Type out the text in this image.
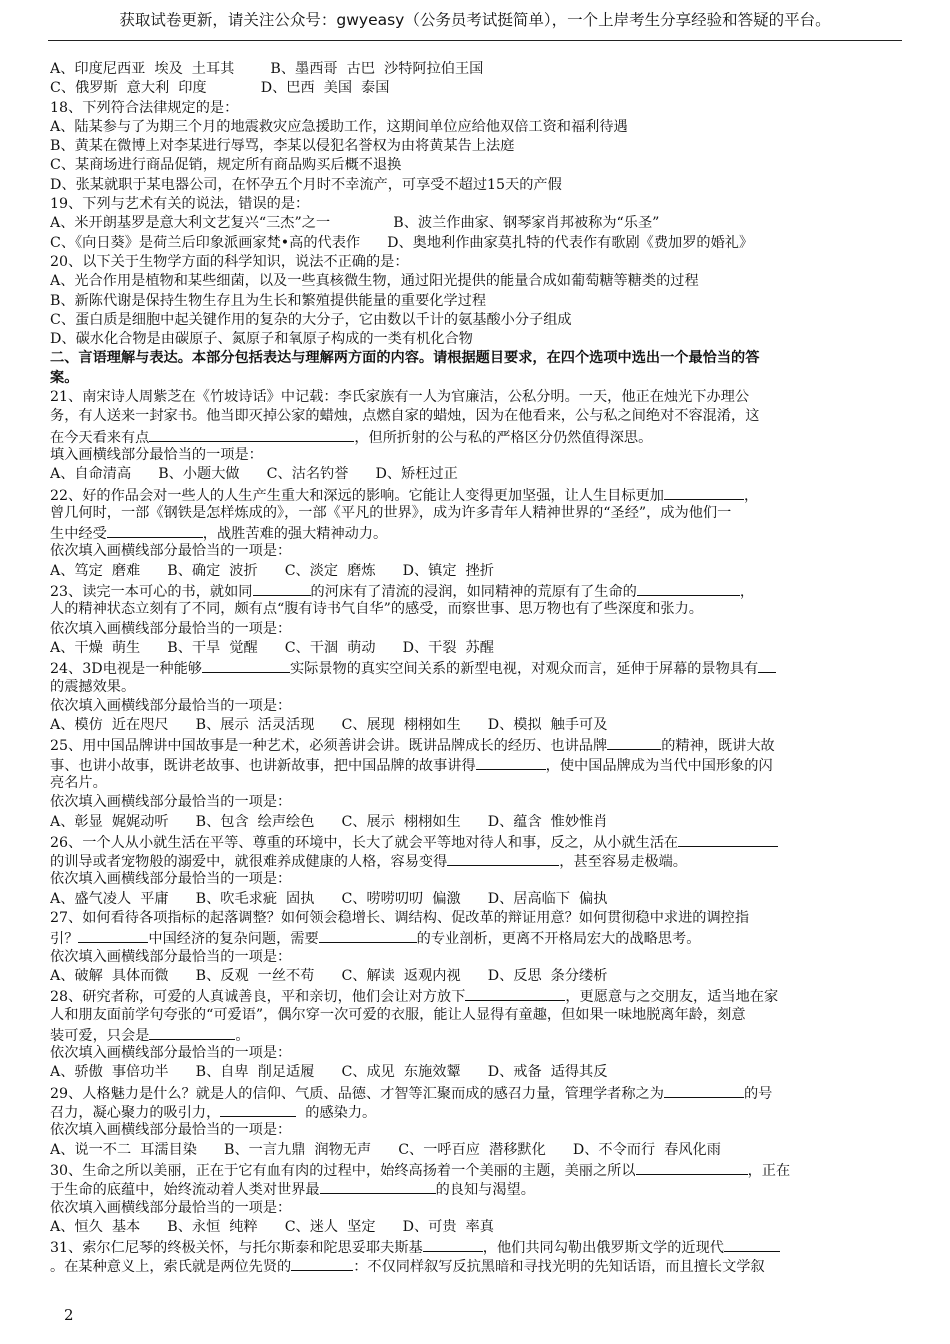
获取试卷更新，请关注公众号：gwyeasy（公务员考试挺简单），一个上岸考生分享经验和答疑的平台。
A、印度尼西亚  埃及  土耳其        B、墨西哥  古巴  沙特阿拉伯王国
C、俄罗斯  意大利  印度            D、巴西  美国  泰国
18、下列符合法律规定的是：
A、陆某参与了为期三个月的地震救灾应急援助工作，这期间单位应给他双倍工资和福利待遇
B、黄某在微博上对李某进行辱骂，李某以侵犯名誉权为由将黄某告上法庭
C、某商场进行商品促销，规定所有商品购买后概不退换
D、张某就职于某电器公司，在怀孕五个月时不幸流产，可享受不超过15天的产假
19、下列与艺术有关的说法，错误的是：
A、米开朗基罗是意大利文艺复兴“三杰”之一              B、波兰作曲家、钢琴家肖邦被称为“乐圣”
C、《向日葵》是荷兰后印象派画家梵•高的代表作      D、奥地利作曲家莫扎特的代表作有歌剧《费加罗的婚礼》
20、以下关于生物学方面的科学知识，说法不正确的是：
A、光合作用是植物和某些细菌，以及一些真核微生物，通过阳光提供的能量合成如葡萄糖等糖类的过程
B、新陈代谢是保持生物生存且为生长和繁殖提供能量的重要化学过程
C、蛋白质是细胞中起关键作用的复杂的大分子，它由数以千计的氨基酸小分子组成
D、碳水化合物是由碳原子、氮原子和氧原子构成的一类有机化合物
二、言语理解与表达。本部分包括表达与理解两方面的内容。请根据题目要求，在四个选项中选出一个最恰当的答
案。
21、南宋诗人周紫芝在《竹坡诗话》中记载：李氏家族有一人为官廉洁，公私分明。一天，他正在烛光下办理公
务，有人送来一封家书。他当即灭掉公家的蜡烛，点燃自家的蜡烛，因为在他看来，公与私之间绝对不容混淆，这
在今天看来有点	，但所折射的公与私的严格区分仍然值得深思。
填入画横线部分最恰当的一项是：
A、自命清高      B、小题大做      C、沽名钓誉      D、矫枉过正
22、好的作品会对一些人的人生产生重大和深远的影响。它能让人变得更加坚强，让人生目标更加	，
曾几何时，一部《钢铁是怎样炼成的》，一部《平凡的世界》，成为许多青年人精神世界的“圣经”，成为他们一
生中经受	，战胜苦难的强大精神动力。
依次填入画横线部分最恰当的一项是：
A、笃定  磨难      B、确定  波折      C、淡定  磨炼      D、镇定  挫折
23、读完一本可心的书，就如同	的河床有了清流的浸润，如同精神的荒原有了生命的	，
人的精神状态立刻有了不同，颇有点“腹有诗书气自华”的感受，而察世事、思万物也有了些深度和张力。
依次填入画横线部分最恰当的一项是：
A、干燥  萌生      B、干旱  觉醒      C、干涸  萌动      D、干裂  苏醒
24、3D电视是一种能够	实际景物的真实空间关系的新型电视，对观众而言，延伸于屏幕的景物具有
的震撼效果。
依次填入画横线部分最恰当的一项是：
A、模仿  近在咫尺      B、展示  活灵活现      C、展现  栩栩如生      D、模拟  触手可及
25、用中国品牌讲中国故事是一种艺术，必须善讲会讲。既讲品牌成长的经历、也讲品牌	的精神，既讲大故
事、也讲小故事，既讲老故事、也讲新故事，把中国品牌的故事讲得	，使中国品牌成为当代中国形象的闪
亮名片。
依次填入画横线部分最恰当的一项是：
A、彰显  娓娓动听      B、包含  绘声绘色      C、展示  栩栩如生      D、蕴含  惟妙惟肖
26、一个人从小就生活在平等、尊重的环境中，长大了就会平等地对待人和事，反之，从小就生活在
的训导或者宠物般的溺爱中，就很难养成健康的人格，容易变得	，甚至容易走极端。
依次填入画横线部分最恰当的一项是：
A、盛气凌人  平庸      B、吹毛求疵  固执      C、唠唠叨叨  偏激      D、居高临下  偏执
27、如何看待各项指标的起落调整？如何领会稳增长、调结构、促改革的辩证用意？如何贯彻稳中求进的调控指
引？	中国经济的复杂问题，需要	的专业剖析，更离不开格局宏大的战略思考。
依次填入画横线部分最恰当的一项是：
A、破解  具体而微      B、反观  一丝不苟      C、解读  返观内视      D、反思  条分缕析
28、研究者称，可爱的人真诚善良，平和亲切，他们会让对方放下	，更愿意与之交朋友，适当地在家
人和朋友面前学句夸张的“可爱语”，偶尔穿一次可爱的衣服，能让人显得有童趣，但如果一味地脱离年龄，刻意
装可爱，只会是	。
依次填入画横线部分最恰当的一项是：
A、骄傲  事倍功半      B、自卑  削足适履      C、成见  东施效颦      D、戒备  适得其反
29、人格魅力是什么？就是人的信仰、气质、品德、才智等汇聚而成的感召力量，管理学者称之为	的号
召力，凝心聚力的吸引力，	的感染力。
依次填入画横线部分最恰当的一项是：
A、说一不二  耳濡目染      B、一言九鼎  润物无声      C、一呼百应  潜移默化      D、不令而行  春风化雨
30、生命之所以美丽，正在于它有血有肉的过程中，始终高扬着一个美丽的主题，美丽之所以	，正在
于生命的底蕴中，始终流动着人类对世界最	的良知与渴望。
依次填入画横线部分最恰当的一项是：
A、恒久  基本      B、永恒  纯粹      C、迷人  坚定      D、可贵  率真
31、索尔仁尼琴的终极关怀，与托尔斯泰和陀思妥耶夫斯基	，他们共同勾勒出俄罗斯文学的近现代
。在某种意义上，索氏就是两位先贤的	：不仅同样叙写反抗黑暗和寻找光明的先知话语，而且擅长文学叙
2
